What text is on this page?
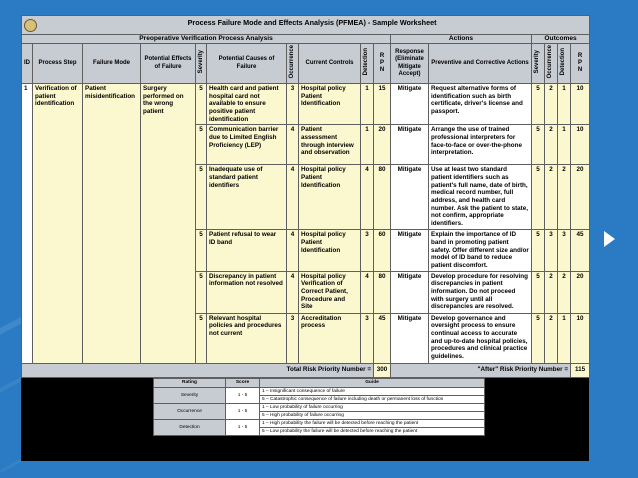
Process Failure Mode and Effects Analysis (PFMEA) - Sample Worksheet															
Preoperative Verification Process Analysis										Actions		Outcomes			
ID	Process Step	Failure Mode	Potential Effects of Failure	Severity	Potential Causes of Failure	Occurrence	Current Controls	Detection	R P N	Response (Eliminate Mitigate Accept)	Preventive and Corrective Actions	Severity	Occurrence	Detection	R P N
1	Verification of patient identification	Patient misidentification	Surgery performed on the wrong patient	5	Health card and patient hospital card not available to ensure positive patient identification	3	Hospital policy Patient Identification	1	15	Mitigate	Request alternative forms of identification such as birth certificate, driver's license and passport.	5	2	1	10
				5	Communication barrier due to Limited English Proficiency (LEP)	4	Patient assessment through interview and observation	1	20	Mitigate	Arrange the use of trained professional interpreters for face-to-face or over-the-phone interpretation.	5	2	1	10
				5	Inadequate use of standard patient identifiers	4	Hospital policy Patient Identification	4	80	Mitigate	Use at least two standard patient identifiers such as patient's full name, date of birth, medical record number, full address, and health card number. Ask the patient to state, not confirm, appropriate identifiers.	5	2	2	20
				5	Patient refusal to wear ID band	4	Hospital policy Patient Identification	3	60	Mitigate	Explain the importance of ID band in promoting patient safety. Offer different size and/or model of ID band to reduce patient discomfort.	5	3	3	45
				5	Discrepancy in patient information not resolved	4	Hospital policy Verification of Correct Patient, Procedure and Site	4	80	Mitigate	Develop procedure for resolving discrepancies in patient information. Do not proceed with surgery until all discrepancies are resolved.	5	2	2	20
				5	Relevant hospital policies and procedures not current	3	Accreditation process	3	45	Mitigate	Develop governance and oversight process to ensure continual access to accurate and up-to-date hospital policies, procedures and clinical practice guidelines.	5	2	1	10
Total Risk Priority Number =									300	"After" Risk Priority Number =					115
Rating	Score	Guide
Severity	1 - 5	1 – Insignificant consequence of failure
		5 – Catastrophic consequence of failure including death or permanent loss of function
Occurrence	1 - 5	1 – Low probability of failure occurring
		5 – High probability of failure occurring
Detection	1 - 5	1 – High probability the failure will be detected before reaching the patient
		5 – Low probability the failure will be detected before reaching the patient
